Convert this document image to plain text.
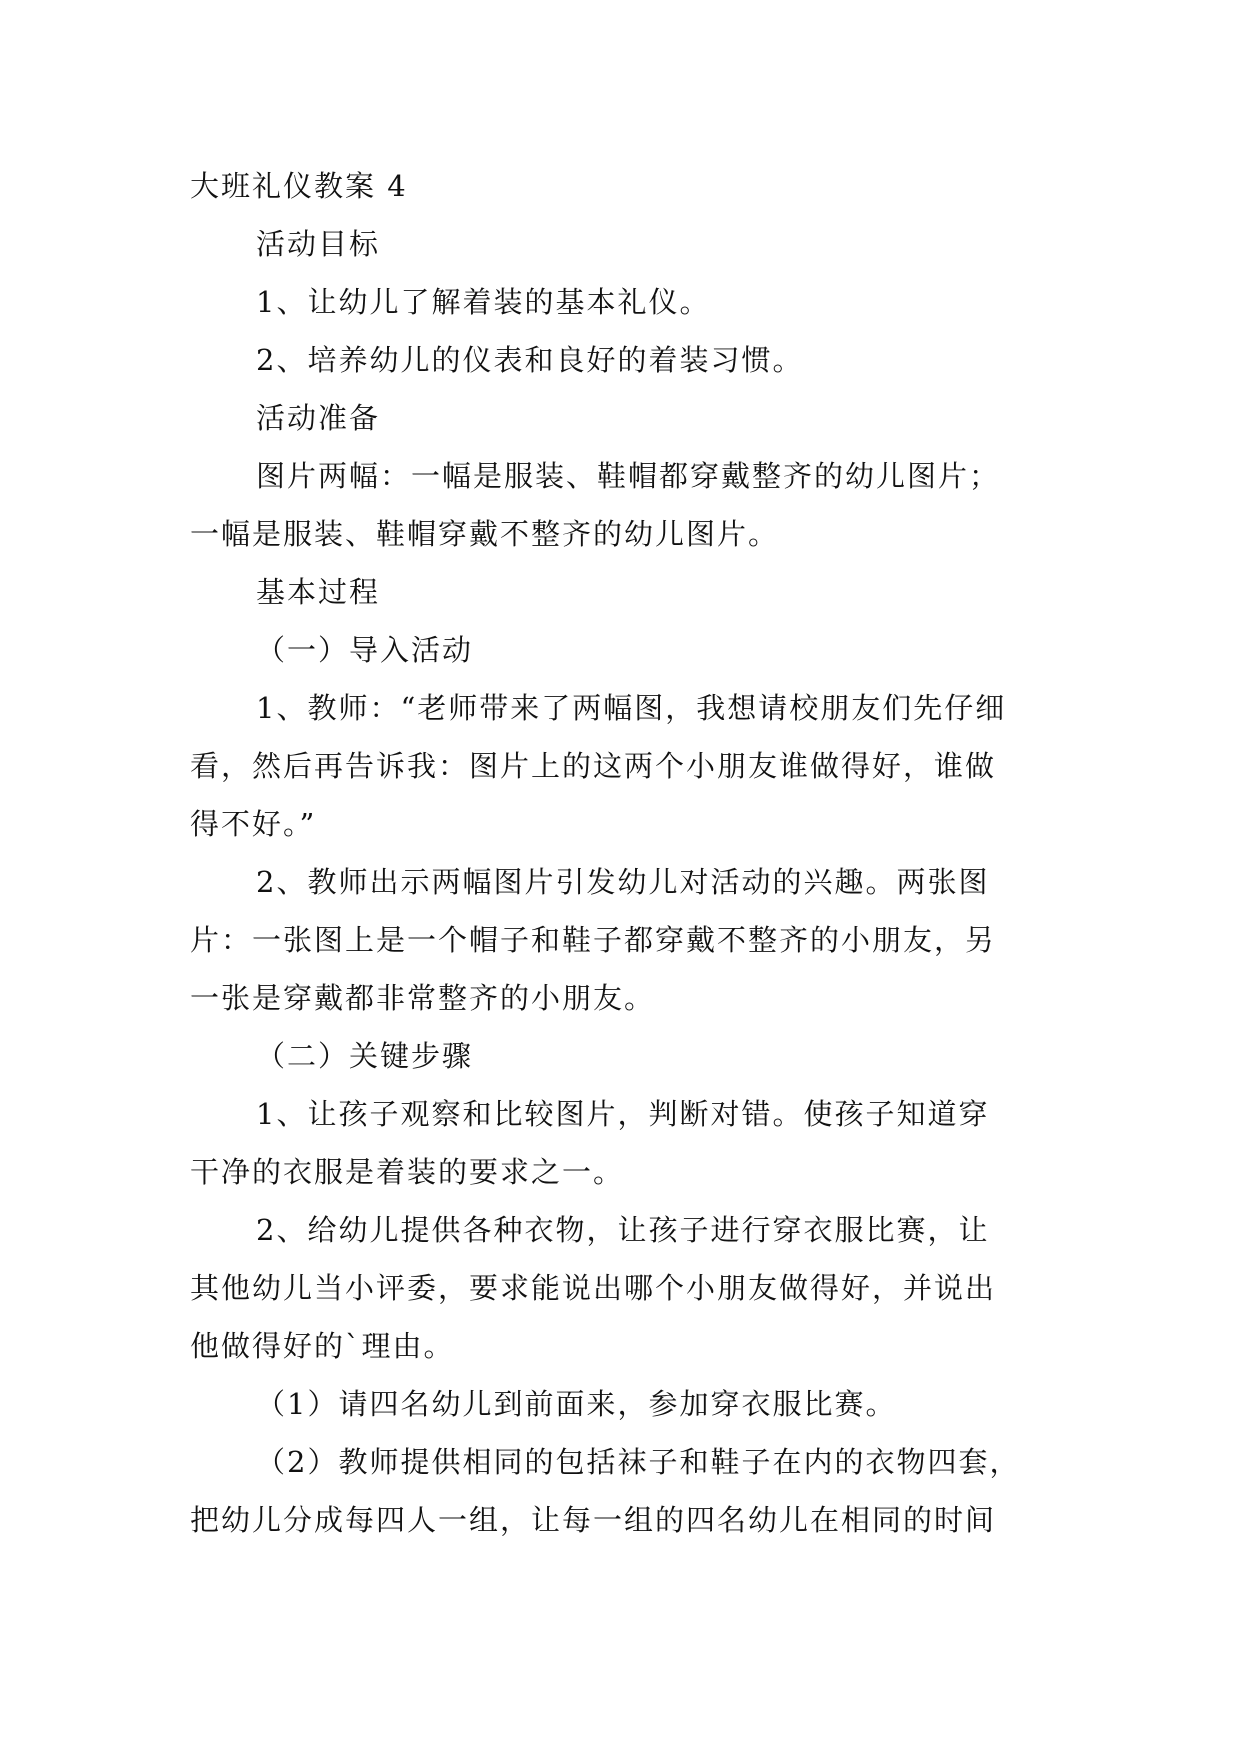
大班礼仪教案 4

活动目标

1、让幼儿了解着装的基本礼仪。

2、培养幼儿的仪表和良好的着装习惯。

活动准备

图片两幅：一幅是服装、鞋帽都穿戴整齐的幼儿图片；

一幅是服装、鞋帽穿戴不整齐的幼儿图片。

基本过程

（一）导入活动

1、教师：“老师带来了两幅图，我想请校朋友们先仔细

看，然后再告诉我：图片上的这两个小朋友谁做得好，谁做

得不好。”

2、教师出示两幅图片引发幼儿对活动的兴趣。两张图

片：一张图上是一个帽子和鞋子都穿戴不整齐的小朋友，另

一张是穿戴都非常整齐的小朋友。

（二）关键步骤

1、让孩子观察和比较图片，判断对错。使孩子知道穿

干净的衣服是着装的要求之一。

2、给幼儿提供各种衣物，让孩子进行穿衣服比赛，让

其他幼儿当小评委，要求能说出哪个小朋友做得好，并说出

他做得好的`理由。

（1）请四名幼儿到前面来，参加穿衣服比赛。

（2）教师提供相同的包括袜子和鞋子在内的衣物四套，

把幼儿分成每四人一组，让每一组的四名幼儿在相同的时间
